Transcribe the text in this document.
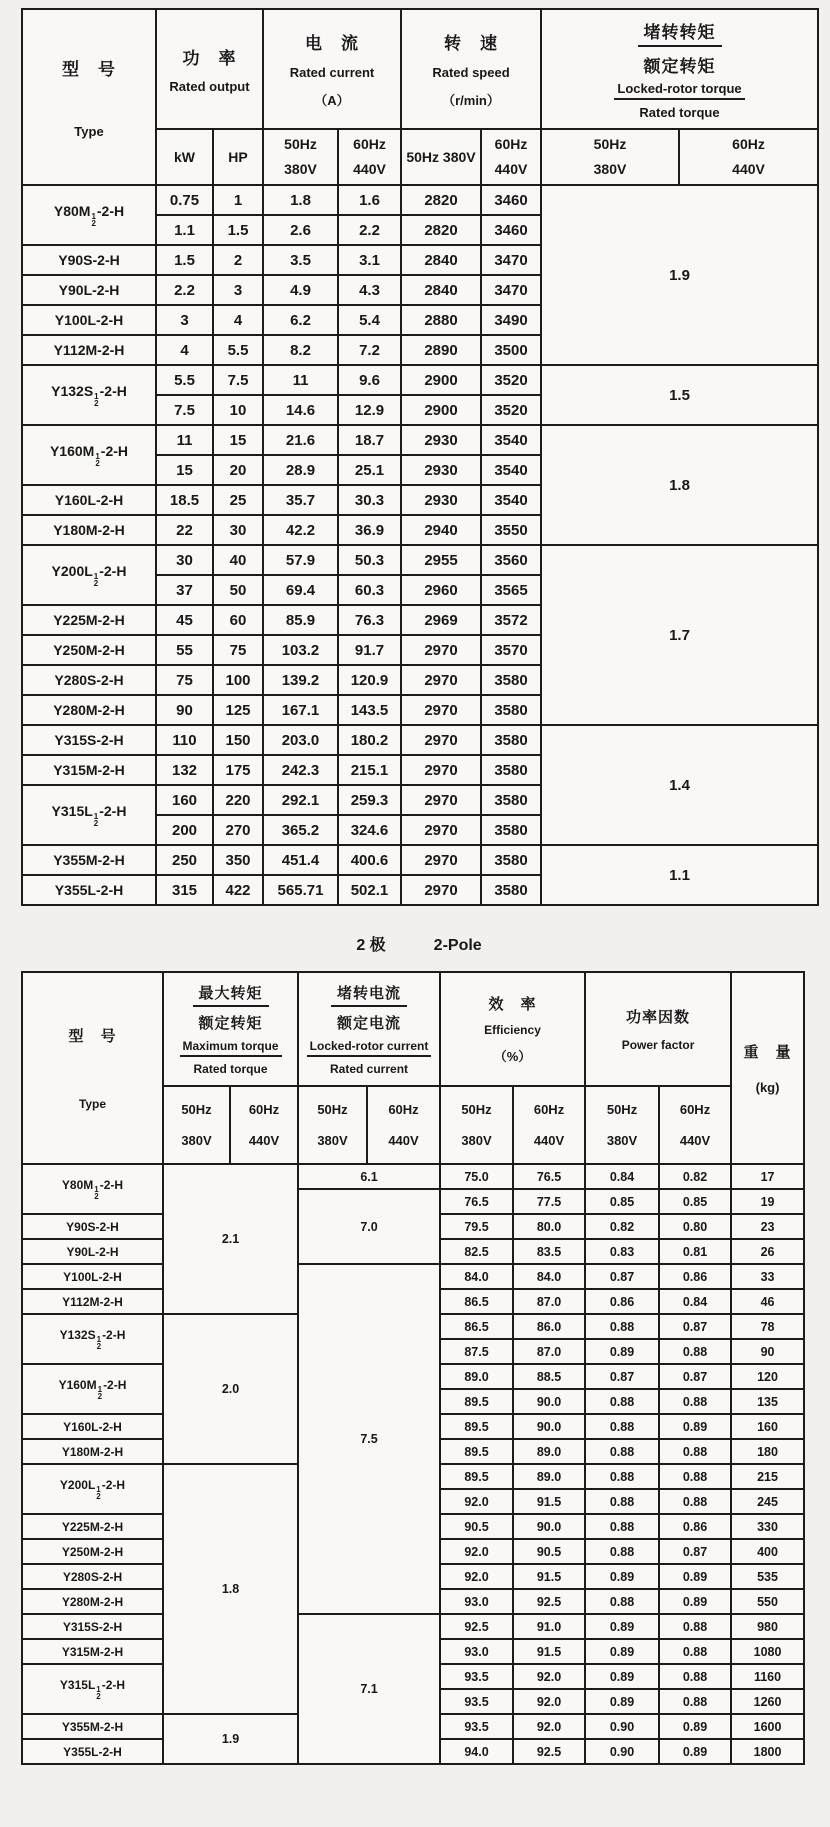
型　号
Type	功　率
Rated output		电　流
Rated current
（A）		转　速
Rated speed
（r/min）		堵转转矩
额定转矩
Locked-rotor torque
Rated torque	

kW	HP	
50Hz
380V

60Hz
440V
	50Hz 380V	
60Hz
440V

50Hz
380V

60Hz
440V

Y80M 1
2
-2-H	0.75	1	1.8	1.6	2820	3460	1.9	
	1.1	1.5	2.6	2.2	2820	3460		
Y90S-2-H	1.5	2	3.5	3.1	2840	3470		
Y90L-2-H	2.2	3	4.9	4.3	2840	3470		
Y100L-2-H	3	4	6.2	5.4	2880	3490		
Y112M-2-H	4	5.5	8.2	7.2	2890	3500		
Y132S 1
2
-2-H	5.5	7.5	11	9.6	2900	3520	1.5	
	7.5	10	14.6	12.9	2900	3520		
Y160M 1
2
-2-H	11	15	21.6	18.7	2930	3540	1.8	
	15	20	28.9	25.1	2930	3540		
Y160L-2-H	18.5	25	35.7	30.3	2930	3540		
Y180M-2-H	22	30	42.2	36.9	2940	3550		
Y200L 1
2
-2-H	30	40	57.9	50.3	2955	3560	1.7	
	37	50	69.4	60.3	2960	3565		
Y225M-2-H	45	60	85.9	76.3	2969	3572		
Y250M-2-H	55	75	103.2	91.7	2970	3570		
Y280S-2-H	75	100	139.2	120.9	2970	3580		
Y280M-2-H	90	125	167.1	143.5	2970	3580		
Y315S-2-H	110	150	203.0	180.2	2970	3580	1.4	
Y315M-2-H	132	175	242.3	215.1	2970	3580		
Y315L 1
2
-2-H	160	220	292.1	259.3	2970	3580		
	200	270	365.2	324.6	2970	3580		
Y355M-2-H	250	350	451.4	400.6	2970	3580	1.1	
Y355L-2-H	315	422	565.71	502.1	2970	3580		
2 极	2-Pole
型　号
Type	最大转矩
额定转矩
Maximum torque
Rated torque		堵转电流
额定电流
Locked-rotor current
Rated current		效　率
Efficiency
（%）		功率因数
Power factor		重　量
(kg)

50Hz
380V

60Hz
440V

50Hz
380V

60Hz
440V

50Hz
380V

60Hz
440V

50Hz
380V

60Hz
440V

Y80M 1
2
-2-H	2.1		6.1		75.0	76.5	0.84	0.82	17
			7.0		76.5	77.5	0.85	0.85	19
Y90S-2-H					79.5	80.0	0.82	0.80	23
Y90L-2-H					82.5	83.5	0.83	0.81	26
Y100L-2-H			7.5		84.0	84.0	0.87	0.86	33
Y112M-2-H					86.5	87.0	0.86	0.84	46
Y132S 1
2
-2-H	2.0				86.5	86.0	0.88	0.87	78
					87.5	87.0	0.89	0.88	90
Y160M 1
2
-2-H					89.0	88.5	0.87	0.87	120
					89.5	90.0	0.88	0.88	135
Y160L-2-H					89.5	90.0	0.88	0.89	160
Y180M-2-H					89.5	89.0	0.88	0.88	180
Y200L 1
2
-2-H	1.8				89.5	89.0	0.88	0.88	215
					92.0	91.5	0.88	0.88	245
Y225M-2-H					90.5	90.0	0.88	0.86	330
Y250M-2-H					92.0	90.5	0.88	0.87	400
Y280S-2-H					92.0	91.5	0.89	0.89	535
Y280M-2-H					93.0	92.5	0.88	0.89	550
Y315S-2-H			7.1		92.5	91.0	0.89	0.88	980
Y315M-2-H					93.0	91.5	0.89	0.88	1080
Y315L 1
2
-2-H					93.5	92.0	0.89	0.88	1160
					93.5	92.0	0.89	0.88	1260
Y355M-2-H	1.9				93.5	92.0	0.90	0.89	1600
Y355L-2-H					94.0	92.5	0.90	0.89	1800
